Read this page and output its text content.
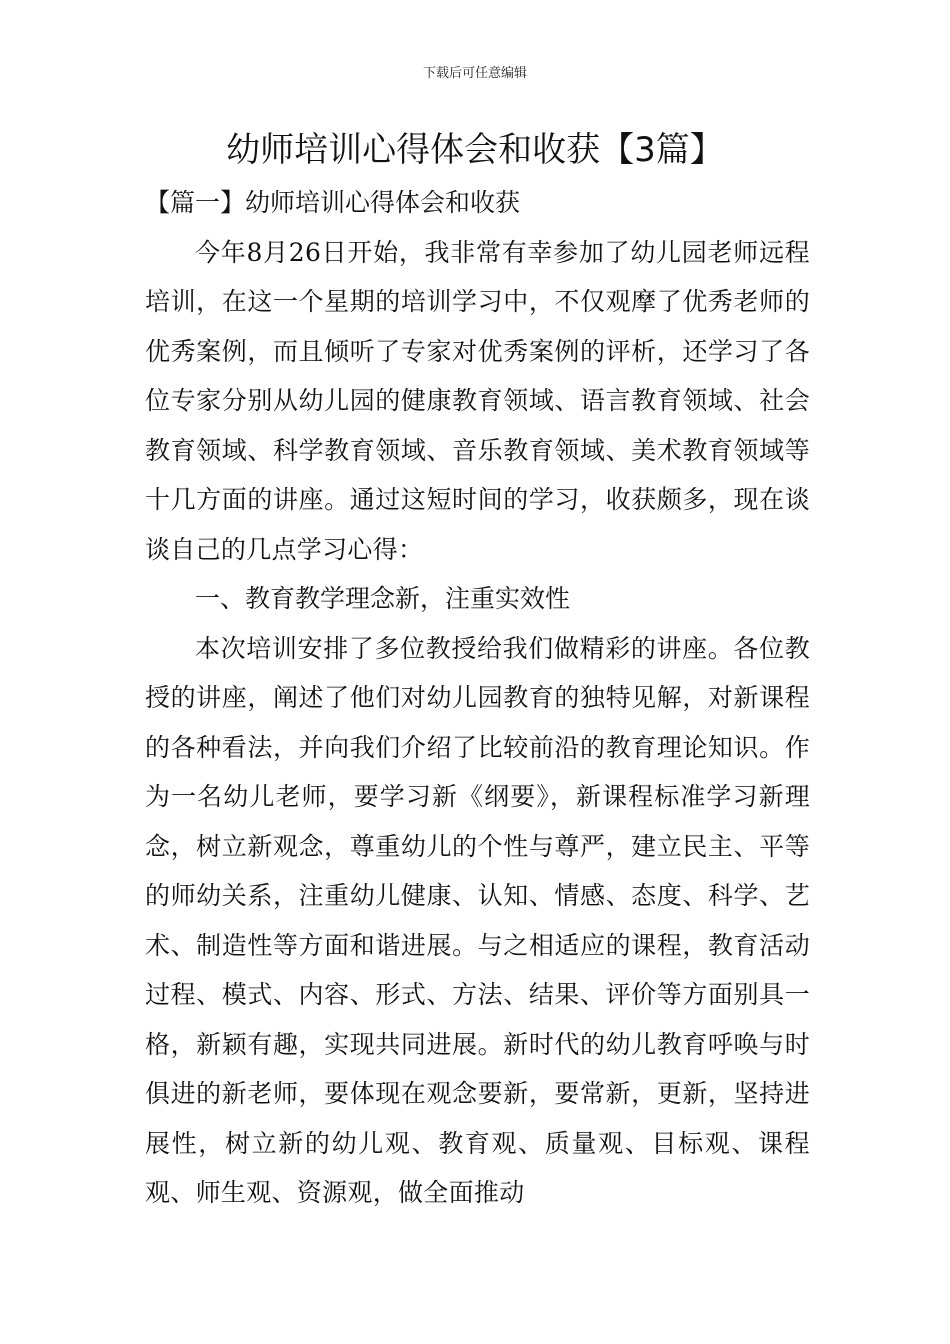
下载后可任意编辑
幼师培训心得体会和收获【3篇】

【篇一】幼师培训心得体会和收获

今年8月26日开始，我非常有幸参加了幼儿园老师远程培训，在这一个星期的培训学习中，不仅观摩了优秀老师的优秀案例，而且倾听了专家对优秀案例的评析，还学习了各位专家分别从幼儿园的健康教育领域、语言教育领域、社会教育领域、科学教育领域、音乐教育领域、美术教育领域等十几方面的讲座。通过这短时间的学习，收获颇多，现在谈谈自己的几点学习心得：

一、教育教学理念新，注重实效性

本次培训安排了多位教授给我们做精彩的讲座。各位教授的讲座，阐述了他们对幼儿园教育的独特见解，对新课程的各种看法，并向我们介绍了比较前沿的教育理论知识。作为一名幼儿老师，要学习新《纲要》，新课程标准学习新理念，树立新观念，尊重幼儿的个性与尊严，建立民主、平等的师幼关系，注重幼儿健康、认知、情感、态度、科学、艺术、制造性等方面和谐进展。与之相适应的课程，教育活动过程、模式、内容、形式、方法、结果、评价等方面别具一格，新颖有趣，实现共同进展。新时代的幼儿教育呼唤与时俱进的新老师，要体现在观念要新，要常新，更新，坚持进展性，树立新的幼儿观、教育观、质量观、目标观、课程观、师生观、资源观，做全面推动
